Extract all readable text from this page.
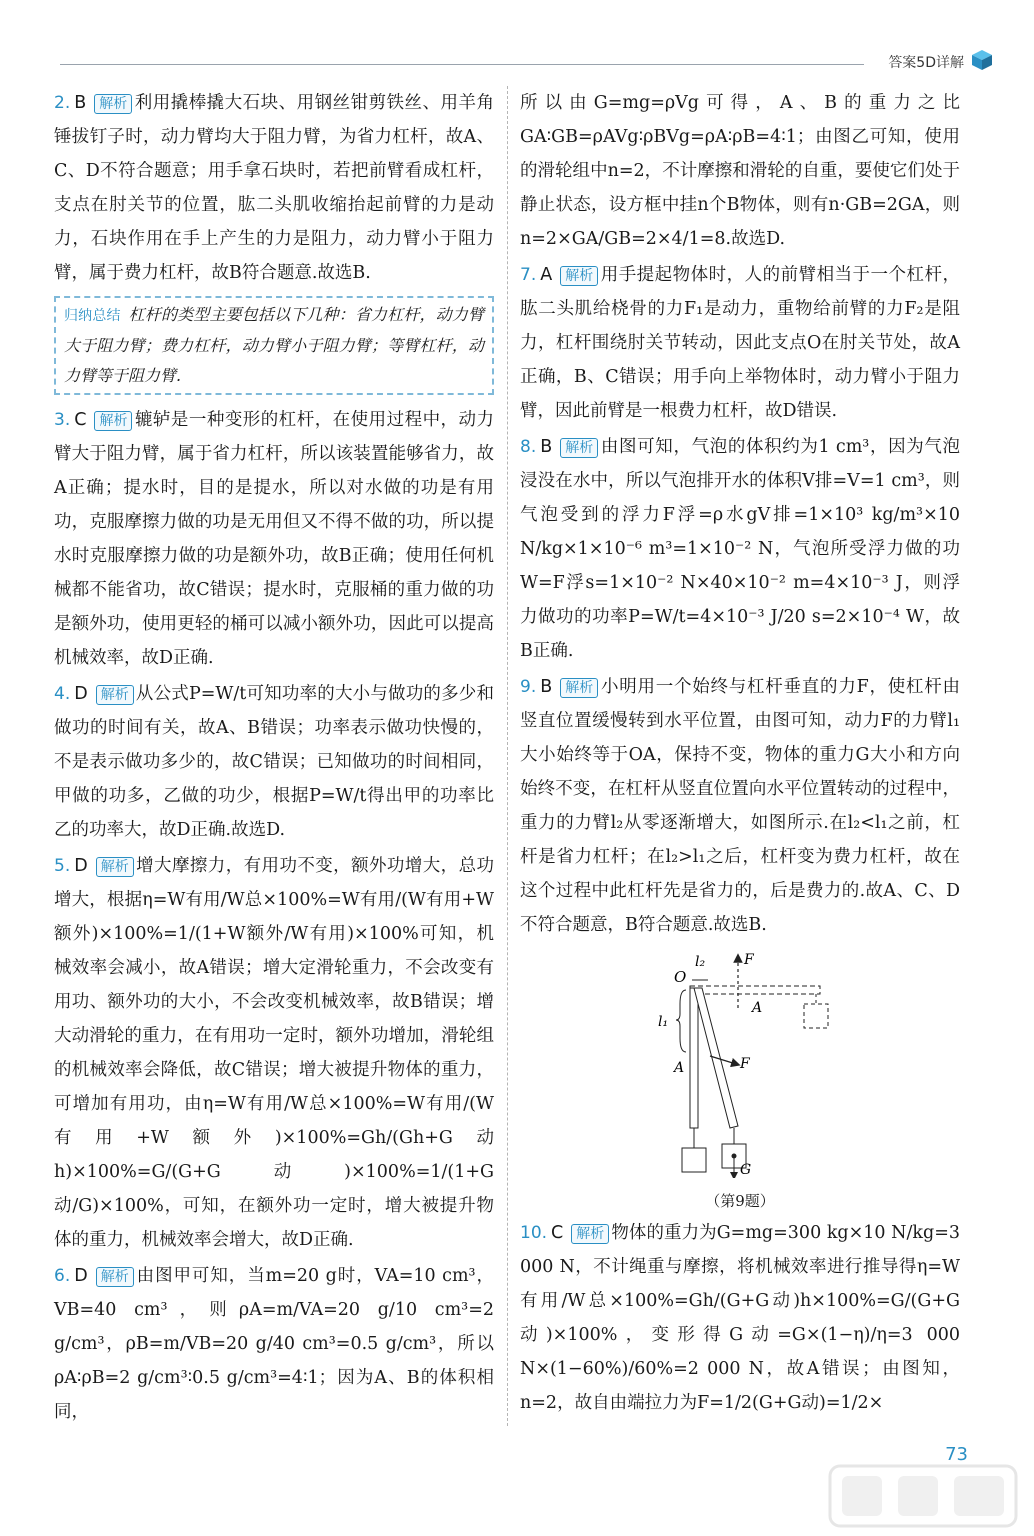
答案5D详解
2. B 解析 利用撬棒撬大石块、用钢丝钳剪铁丝、用羊角锤拔钉子时，动力臂均大于阻力臂，为省力杠杆，故A、C、D不符合题意；用手拿石块时，若把前臂看成杠杆，支点在肘关节的位置，肱二头肌收缩抬起前臂的力是动力，石块作用在手上产生的力是阻力，动力臂小于阻力臂，属于费力杠杆，故B符合题意.故选B.
归纳总结 杠杆的类型主要包括以下几种：省力杠杆，动力臂大于阻力臂；费力杠杆，动力臂小于阻力臂；等臂杠杆，动力臂等于阻力臂.
3. C 解析 辘轳是一种变形的杠杆，在使用过程中，动力臂大于阻力臂，属于省力杠杆，所以该装置能够省力，故A正确；提水时，目的是提水，所以对水做的功是有用功，克服摩擦力做的功是无用但又不得不做的功，所以提水时克服摩擦力做的功是额外功，故B正确；使用任何机械都不能省功，故C错误；提水时，克服桶的重力做的功是额外功，使用更轻的桶可以减小额外功，因此可以提高机械效率，故D正确.
4. D 解析 从公式P=W/t可知功率的大小与做功的多少和做功的时间有关，故A、B错误；功率表示做功快慢的，不是表示做功多少的，故C错误；已知做功的时间相同，甲做的功多，乙做的功少，根据P=W/t得出甲的功率比乙的功率大，故D正确.故选D.
5. D 解析 增大摩擦力，有用功不变，额外功增大，总功增大，根据η=W有用/W总×100%=W有用/(W有用+W额外)×100%=1/(1+W额外/W有用)×100%可知，机械效率会减小，故A错误；增大定滑轮重力，不会改变有用功、额外功的大小，不会改变机械效率，故B错误；增大动滑轮的重力，在有用功一定时，额外功增加，滑轮组的机械效率会降低，故C错误；增大被提升物体的重力，可增加有用功，由η=W有用/W总×100%=W有用/(W有用+W额外)×100%=Gh/(Gh+G动h)×100%=G/(G+G动)×100%=1/(1+G动/G)×100%，可知，在额外功一定时，增大被提升物体的重力，机械效率会增大，故D正确.
6. D 解析 由图甲可知，当m=20 g时，VA=10 cm³，VB=40 cm³，则ρA=m/VA=20 g/10 cm³=2 g/cm³，ρB=m/VB=20 g/40 cm³=0.5 g/cm³，所以ρA∶ρB=2 g/cm³∶0.5 g/cm³=4∶1；因为A、B的体积相同，
所以由G=mg=ρVg可得，A、B的重力之比GA∶GB=ρAVg∶ρBVg=ρA∶ρB=4∶1；由图乙可知，使用的滑轮组中n=2，不计摩擦和滑轮的自重，要使它们处于静止状态，设方框中挂n个B物体，则有n·GB=2GA，则n=2×GA/GB=2×4/1=8.故选D.
7. A 解析 用手提起物体时，人的前臂相当于一个杠杆，肱二头肌给桡骨的力F₁是动力，重物给前臂的力F₂是阻力，杠杆围绕肘关节转动，因此支点O在肘关节处，故A正确，B、C错误；用手向上举物体时，动力臂小于阻力臂，因此前臂是一根费力杠杆，故D错误.
8. B 解析 由图可知，气泡的体积约为1 cm³，因为气泡浸没在水中，所以气泡排开水的体积V排=V=1 cm³，则气泡受到的浮力F浮=ρ水gV排=1×10³ kg/m³×10 N/kg×1×10⁻⁶ m³=1×10⁻² N，气泡所受浮力做的功W=F浮s=1×10⁻² N×40×10⁻² m=4×10⁻³ J，则浮力做功的功率P=W/t=4×10⁻³ J/20 s=2×10⁻⁴ W，故B正确.
9. B 解析 小明用一个始终与杠杆垂直的力F，使杠杆由竖直位置缓慢转到水平位置，由图可知，动力F的力臂l₁大小始终等于OA，保持不变，物体的重力G大小和方向始终不变，在杠杆从竖直位置向水平位置转动的过程中，重力的力臂l₂从零逐渐增大，如图所示.在l₂<l₁之前，杠杆是省力杠杆；在l₂>l₁之后，杠杆变为费力杠杆，故在这个过程中此杠杆先是省力的，后是费力的.故A、C、D不符合题意，B符合题意.故选B.
O
l₂	F
A
G
F
A
l₁
（第9题）
10. C 解析 物体的重力为G=mg=300 kg×10 N/kg=3 000 N，不计绳重与摩擦，将机械效率进行推导得η=W有用/W总×100%=Gh/(G+G动)h×100%=G/(G+G动)×100%，变形得G动=G×(1−η)/η=3 000 N×(1−60%)/60%=2 000 N，故A错误；由图知，n=2，故自由端拉力为F=1/2(G+G动)=1/2×
73
